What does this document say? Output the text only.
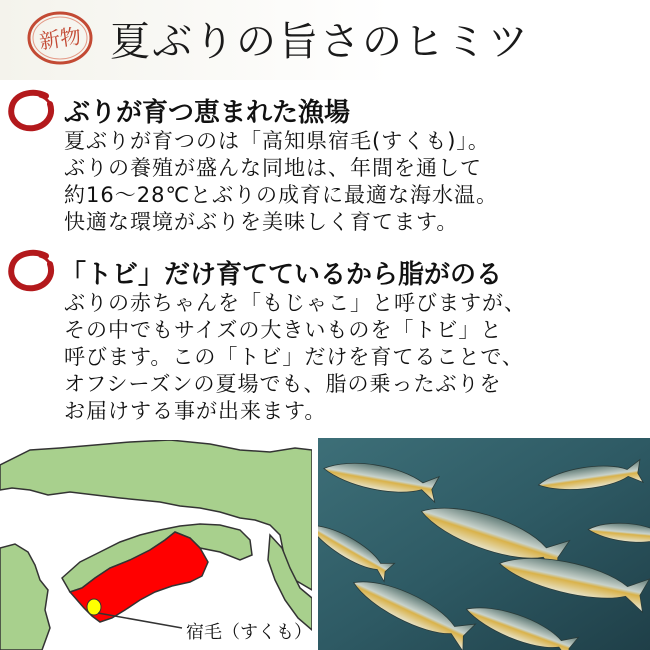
新物 夏ぶりの旨さのヒミツ
ぶりが育つ恵まれた漁場
夏ぶりが育つのは「高知県宿毛(すくも)」。
ぶりの養殖が盛んな同地は、年間を通して
約16～28℃とぶりの成育に最適な海水温。
快適な環境がぶりを美味しく育てます。
「トビ」だけ育てているから脂がのる
ぶりの赤ちゃんを「もじゃこ」と呼びますが、
その中でもサイズの大きいものを「トビ」と
呼びます。この「トビ」だけを育てることで、
オフシーズンの夏場でも、脂の乗ったぶりを
お届けする事が出来ます。
宿毛（すくも）
